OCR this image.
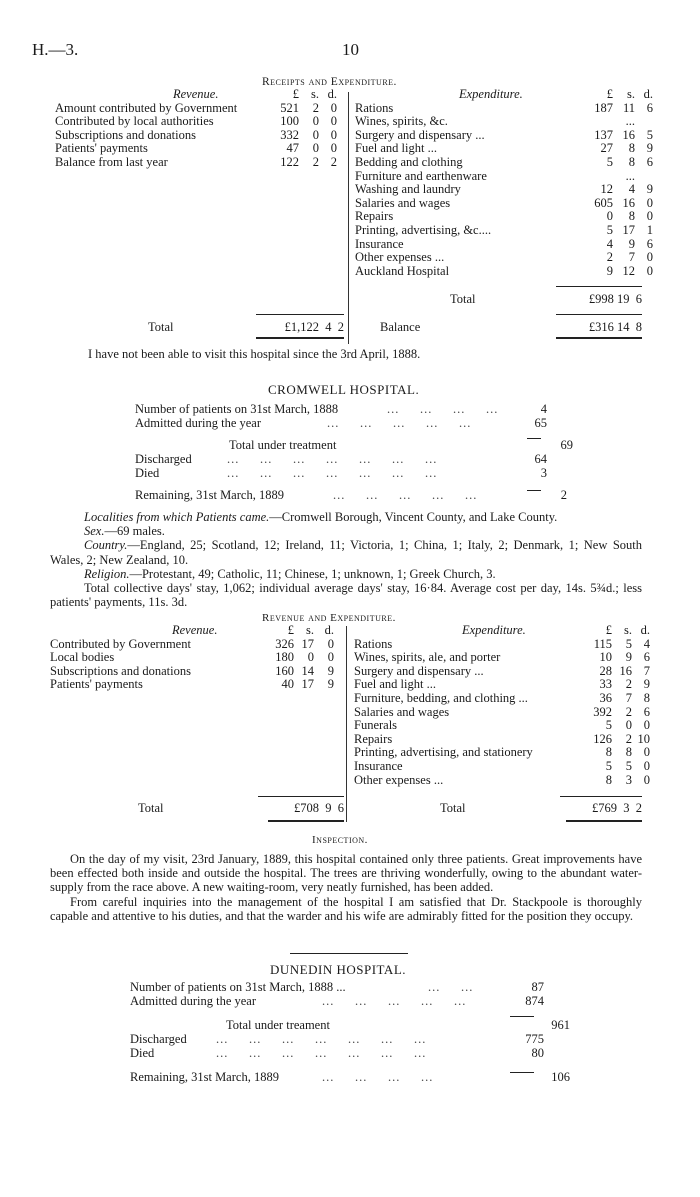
H.—3.	10
Receipts and Expenditure.
Revenue.	£	s.	d.
Amount contributed by Government	521	2	0
Contributed by local authorities	100	0	0
Subscriptions and donations	332	0	0
Patients' payments	47	0	0
Balance from last year	122	2	2
Expenditure.	£	s.	d.
Rations	187	11	6
Wines, spirits, &c.		...	
Surgery and dispensary ...	137	16	5
Fuel and light ...	27	8	9
Bedding and clothing	5	8	6
Furniture and earthenware		...	
Washing and laundry	12	4	9
Salaries and wages	605	16	0
Repairs	0	8	0
Printing, advertising, &c....	5	17	1
Insurance	4	9	6
Other expenses ...	2	7	0
Auckland Hospital	9	12	0
Total	£998 19 6
Total	£1,122 4 2	Balance	£316 14 8
I have not been able to visit this hospital since the 3rd April, 1888.
CROMWELL HOSPITAL.
Number of patients on 31st March, 1888	...     ...     ...     ...	4
Admitted during the year	...     ...     ...     ...     ...	65
Total under treatment	69
Discharged	...     ...     ...     ...     ...     ...     ...	64
Died	...     ...     ...     ...     ...     ...     ...	3
Remaining, 31st March, 1889	...     ...     ...     ...     ...	2
Localities from which Patients came.—Cromwell Borough, Vincent County, and Lake County.
Sex.—69 males.
Country.—England, 25; Scotland, 12; Ireland, 11; Victoria, 1; China, 1; Italy, 2; Denmark, 1; New South Wales, 2; New Zealand, 10.
Religion.—Protestant, 49; Catholic, 11; Chinese, 1; unknown, 1; Greek Church, 3.
Total collective days' stay, 1,062; individual average days' stay, 16·84. Average cost per day, 14s. 5¾d.; less patients' payments, 11s. 3d.
Revenue and Expenditure.
Revenue.	£	s.	d.
Contributed by Government	326	17	0
Local bodies	180	0	0
Subscriptions and donations	160	14	9
Patients' payments	40	17	9
Expenditure.	£	s.	d.
Rations	115	5	4
Wines, spirits, ale, and porter	10	9	6
Surgery and dispensary ...	28	16	7
Fuel and light ...	33	2	9
Furniture, bedding, and clothing ...	36	7	8
Salaries and wages	392	2	6
Funerals	5	0	0
Repairs	126	2	10
Printing, advertising, and stationery	8	8	0
Insurance	5	5	0
Other expenses ...	8	3	0
Total	£708 9 6	Total	£769 3 2
Inspection.
On the day of my visit, 23rd January, 1889, this hospital contained only three patients. Great improvements have been effected both inside and outside the hospital. The trees are thriving wonderfully, owing to the abundant water-supply from the race above. A new waiting-room, very neatly furnished, has been added.
From careful inquiries into the management of the hospital I am satisfied that Dr. Stackpoole is thoroughly capable and attentive to his duties, and that the warder and his wife are admirably fitted for the position they occupy.
DUNEDIN HOSPITAL.
Number of patients on 31st March, 1888 ...	...     ...	87
Admitted during the year	...     ...     ...     ...     ...	874
Total under treament	961
Discharged ...     ...     ...     ...     ...     ...     ...	775
Died	...     ...     ...     ...     ...     ...     ...	80
Remaining, 31st March, 1889	...     ...     ...     ...	106
